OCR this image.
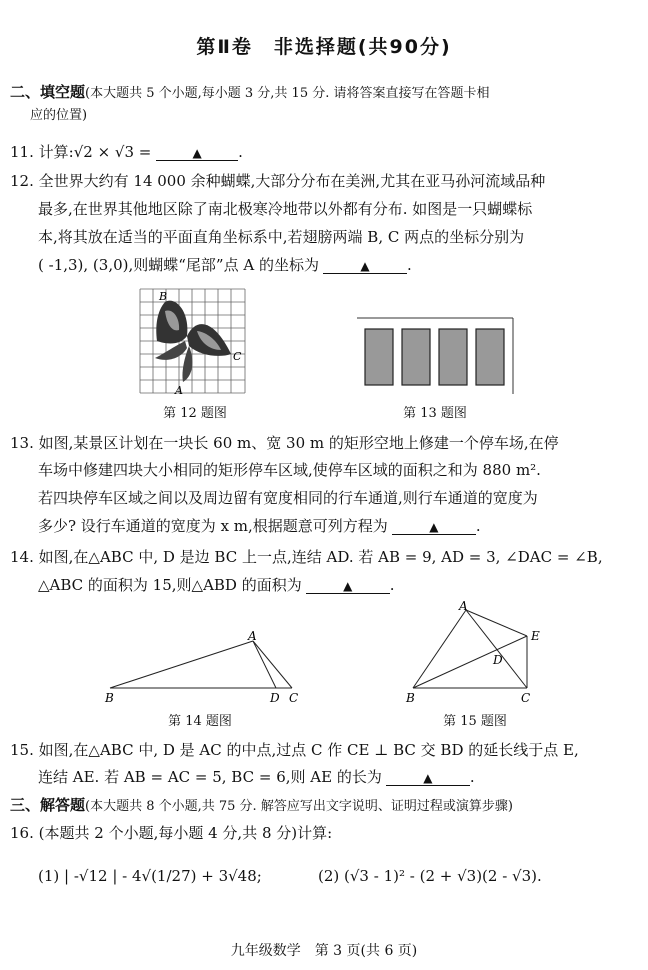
第Ⅱ卷　非选择题(共90分)
二、填空题(本大题共 5 个小题,每小题 3 分,共 15 分. 请将答案直接写在答题卡相
应的位置)
11. 计算:√2 × √3 =	▲ .
12. 全世界大约有 14 000 余种蝴蝶,大部分分布在美洲,尤其在亚马孙河流域品种
最多,在世界其他地区除了南北极寒冷地带以外都有分布. 如图是一只蝴蝶标
本,将其放在适当的平面直角坐标系中,若翅膀两端 B, C 两点的坐标分别为
( -1,3), (3,0),则蝴蝶“尾部”点 A 的坐标为	▲ .
B
C
A
第 12 题图	第 13 题图
13. 如图,某景区计划在一块长 60 m、宽 30 m 的矩形空地上修建一个停车场,在停
车场中修建四块大小相同的矩形停车区域,使停车区域的面积之和为 880 m².
若四块停车区域之间以及周边留有宽度相同的行车通道,则行车通道的宽度为
多少? 设行车通道的宽度为 x m,根据题意可列方程为	▲ .
14. 如图,在△ABC 中, D 是边 BC 上一点,连结 AD. 若 AB = 9, AD = 3, ∠DAC = ∠B,
△ABC 的面积为 15,则△ABD 的面积为	▲ .
A
B	D C
第 14 题图
A
B	C
D
E
第 15 题图
15. 如图,在△ABC 中, D 是 AC 的中点,过点 C 作 CE ⊥ BC 交 BD 的延长线于点 E,
连结 AE. 若 AB = AC = 5, BC = 6,则 AE 的长为	▲ .
三、解答题(本大题共 8 个小题,共 75 分. 解答应写出文字说明、证明过程或演算步骤)
16. (本题共 2 个小题,每小题 4 分,共 8 分)计算:
(1) | -√12 | - 4√(1/27) + 3√48;	(2) (√3 - 1)² - (2 + √3)(2 - √3).
九年级数学　第 3 页(共 6 页)
